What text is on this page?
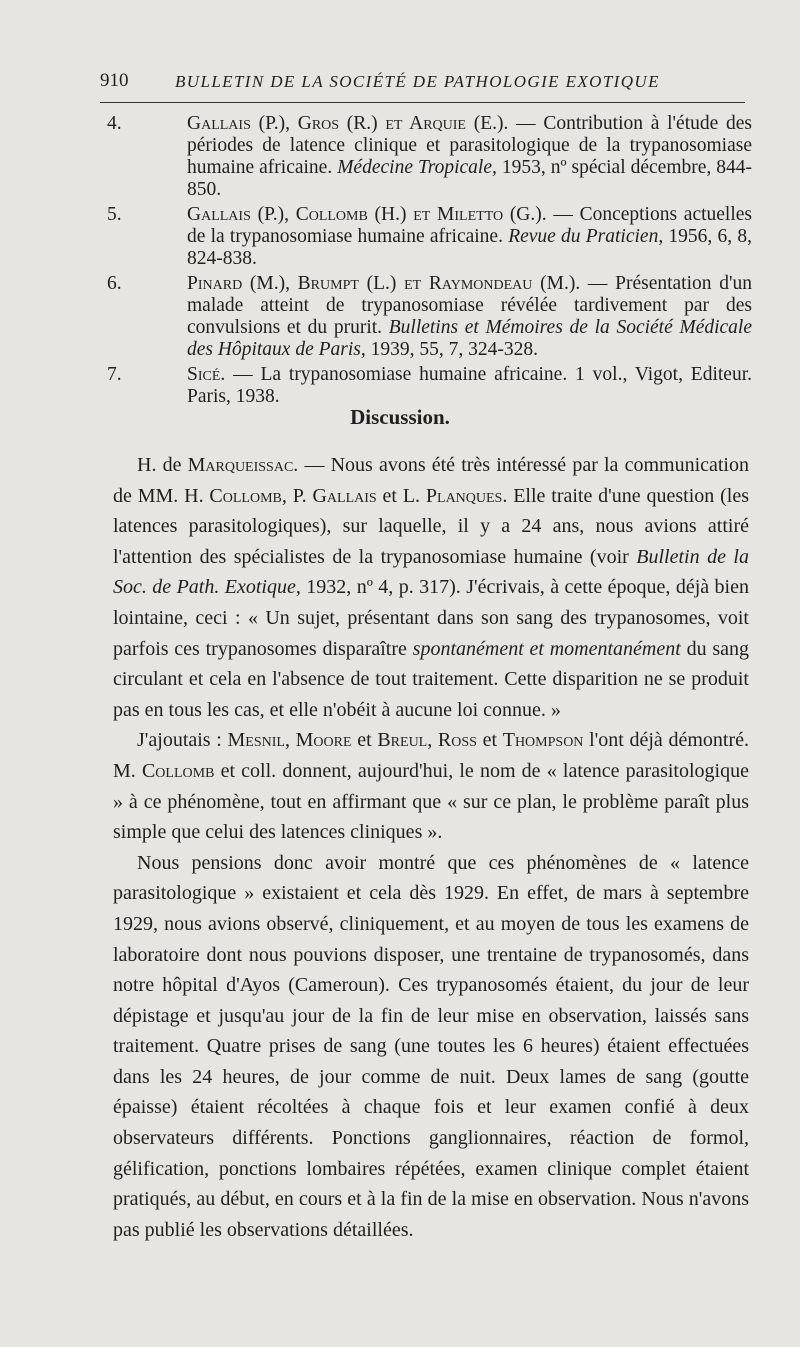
910	BULLETIN DE LA SOCIÉTÉ DE PATHOLOGIE EXOTIQUE
4.	Gallais (P.), Gros (R.) et Arquie (E.). — Contribution à l'étude des périodes de latence clinique et parasitologique de la trypanosomiase humaine africaine. Médecine Tropicale, 1953, nº spécial décembre, 844-850.
5.	Gallais (P.), Collomb (H.) et Miletto (G.). — Conceptions actuelles de la trypanosomiase humaine africaine. Revue du Praticien, 1956, 6, 8, 824-838.
6.	Pinard (M.), Brumpt (L.) et Raymondeau (M.). — Présentation d'un malade atteint de trypanosomiase révélée tardivement par des convulsions et du prurit. Bulletins et Mémoires de la Société Médicale des Hôpitaux de Paris, 1939, 55, 7, 324-328.
7.	Sicé. — La trypanosomiase humaine africaine. 1 vol., Vigot, Editeur. Paris, 1938.
Discussion.

H. de Marqueissac. — Nous avons été très intéressé par la communication de MM. H. Collomb, P. Gallais et L. Planques. Elle traite d'une question (les latences parasitologiques), sur laquelle, il y a 24 ans, nous avions attiré l'attention des spécialistes de la trypanosomiase humaine (voir Bulletin de la Soc. de Path. Exotique, 1932, nº 4, p. 317). J'écrivais, à cette époque, déjà bien lointaine, ceci : « Un sujet, présentant dans son sang des trypanosomes, voit parfois ces trypanosomes disparaître spontanément et momentanément du sang circulant et cela en l'absence de tout traitement. Cette disparition ne se produit pas en tous les cas, et elle n'obéit à aucune loi connue. »

J'ajoutais : Mesnil, Moore et Breul, Ross et Thompson l'ont déjà démontré. M. Collomb et coll. donnent, aujourd'hui, le nom de « latence parasitologique » à ce phénomène, tout en affirmant que « sur ce plan, le problème paraît plus simple que celui des latences cliniques ».

Nous pensions donc avoir montré que ces phénomènes de « latence parasitologique » existaient et cela dès 1929. En effet, de mars à septembre 1929, nous avions observé, cliniquement, et au moyen de tous les examens de laboratoire dont nous pouvions disposer, une trentaine de trypanosomés, dans notre hôpital d'Ayos (Cameroun). Ces trypanosomés étaient, du jour de leur dépistage et jusqu'au jour de la fin de leur mise en observation, laissés sans traitement. Quatre prises de sang (une toutes les 6 heures) étaient effectuées dans les 24 heures, de jour comme de nuit. Deux lames de sang (goutte épaisse) étaient récoltées à chaque fois et leur examen confié à deux observateurs différents. Ponctions ganglionnaires, réaction de formol, gélification, ponctions lombaires répétées, examen clinique complet étaient pratiqués, au début, en cours et à la fin de la mise en observation. Nous n'avons pas publié les observations détaillées.
